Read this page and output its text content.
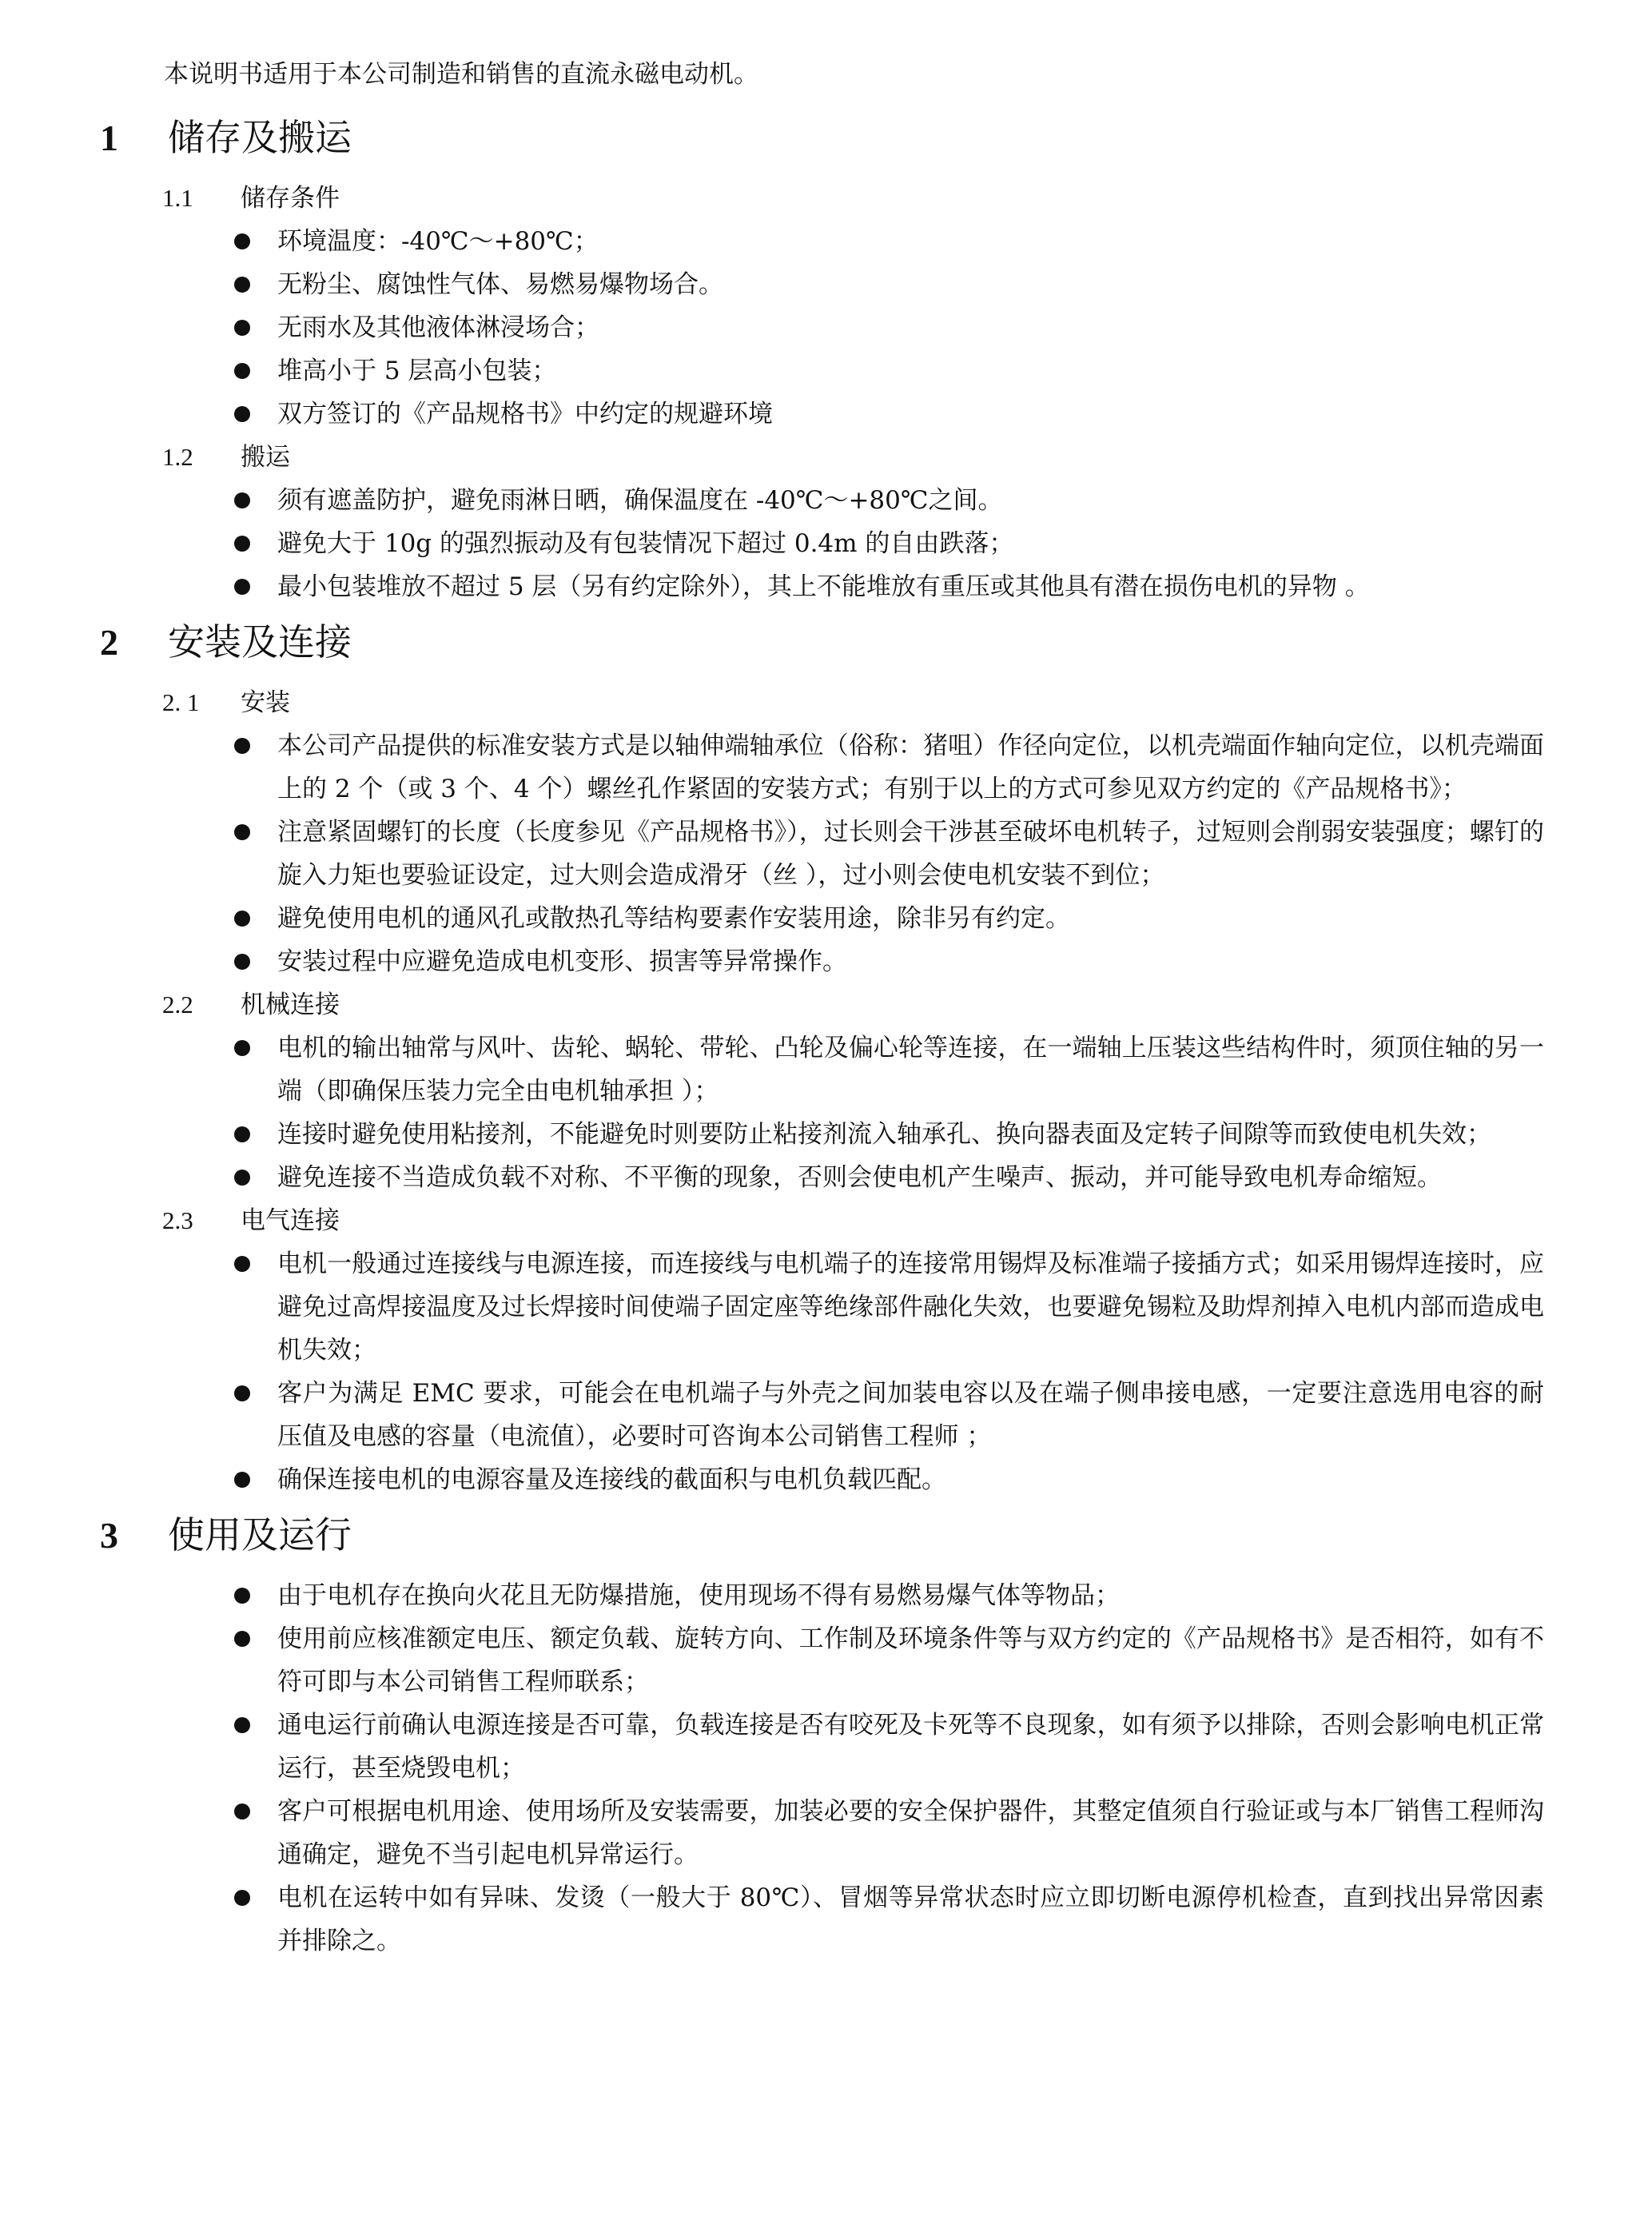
本说明书适用于本公司制造和销售的直流永磁电动机。

1	储存及搬运
1.1	储存条件
环境温度：-40℃～+80℃；
无粉尘、腐蚀性气体、易燃易爆物场合。
无雨水及其他液体淋浸场合；
堆高小于 5 层高小包装；
双方签订的《产品规格书》中约定的规避环境
1.2	搬运
须有遮盖防护，避免雨淋日晒，确保温度在 -40℃～+80℃之间。
避免大于 10g 的强烈振动及有包装情况下超过 0.4m 的自由跌落；
最小包装堆放不超过 5 层（另有约定除外），其上不能堆放有重压或其他具有潜在损伤电机的异物 。
2	安装及连接
2. 1	安装
本公司产品提供的标准安装方式是以轴伸端轴承位（俗称：猪咀）作径向定位，以机壳端面作轴向定位，以机壳端面上的 2 个（或 3 个、4 个）螺丝孔作紧固的安装方式；有别于以上的方式可参见双方约定的《产品规格书》；
注意紧固螺钉的长度（长度参见《产品规格书》），过长则会干涉甚至破坏电机转子，过短则会削弱安装强度；螺钉的旋入力矩也要验证设定，过大则会造成滑牙（丝 ），过小则会使电机安装不到位；
避免使用电机的通风孔或散热孔等结构要素作安装用途，除非另有约定。
安装过程中应避免造成电机变形、损害等异常操作。
2.2	机械连接
电机的输出轴常与风叶、齿轮、蜗轮、带轮、凸轮及偏心轮等连接，在一端轴上压装这些结构件时，须顶住轴的另一端（即确保压装力完全由电机轴承担 ）；
连接时避免使用粘接剂，不能避免时则要防止粘接剂流入轴承孔、换向器表面及定转子间隙等而致使电机失效；
避免连接不当造成负载不对称、不平衡的现象，否则会使电机产生噪声、振动，并可能导致电机寿命缩短。
2.3	电气连接
电机一般通过连接线与电源连接，而连接线与电机端子的连接常用锡焊及标准端子接插方式；如采用锡焊连接时，应避免过高焊接温度及过长焊接时间使端子固定座等绝缘部件融化失效，也要避免锡粒及助焊剂掉入电机内部而造成电机失效；
客户为满足 EMC 要求，可能会在电机端子与外壳之间加装电容以及在端子侧串接电感，一定要注意选用电容的耐压值及电感的容量（电流值），必要时可咨询本公司销售工程师 ；
确保连接电机的电源容量及连接线的截面积与电机负载匹配。
3	使用及运行
由于电机存在换向火花且无防爆措施，使用现场不得有易燃易爆气体等物品；
使用前应核准额定电压、额定负载、旋转方向、工作制及环境条件等与双方约定的《产品规格书》是否相符，如有不符可即与本公司销售工程师联系；
通电运行前确认电源连接是否可靠，负载连接是否有咬死及卡死等不良现象，如有须予以排除，否则会影响电机正常运行，甚至烧毁电机；
客户可根据电机用途、使用场所及安装需要，加装必要的安全保护器件，其整定值须自行验证或与本厂销售工程师沟通确定，避免不当引起电机异常运行。
电机在运转中如有异味、发烫（一般大于 80℃）、冒烟等异常状态时应立即切断电源停机检查，直到找出异常因素并排除之。
